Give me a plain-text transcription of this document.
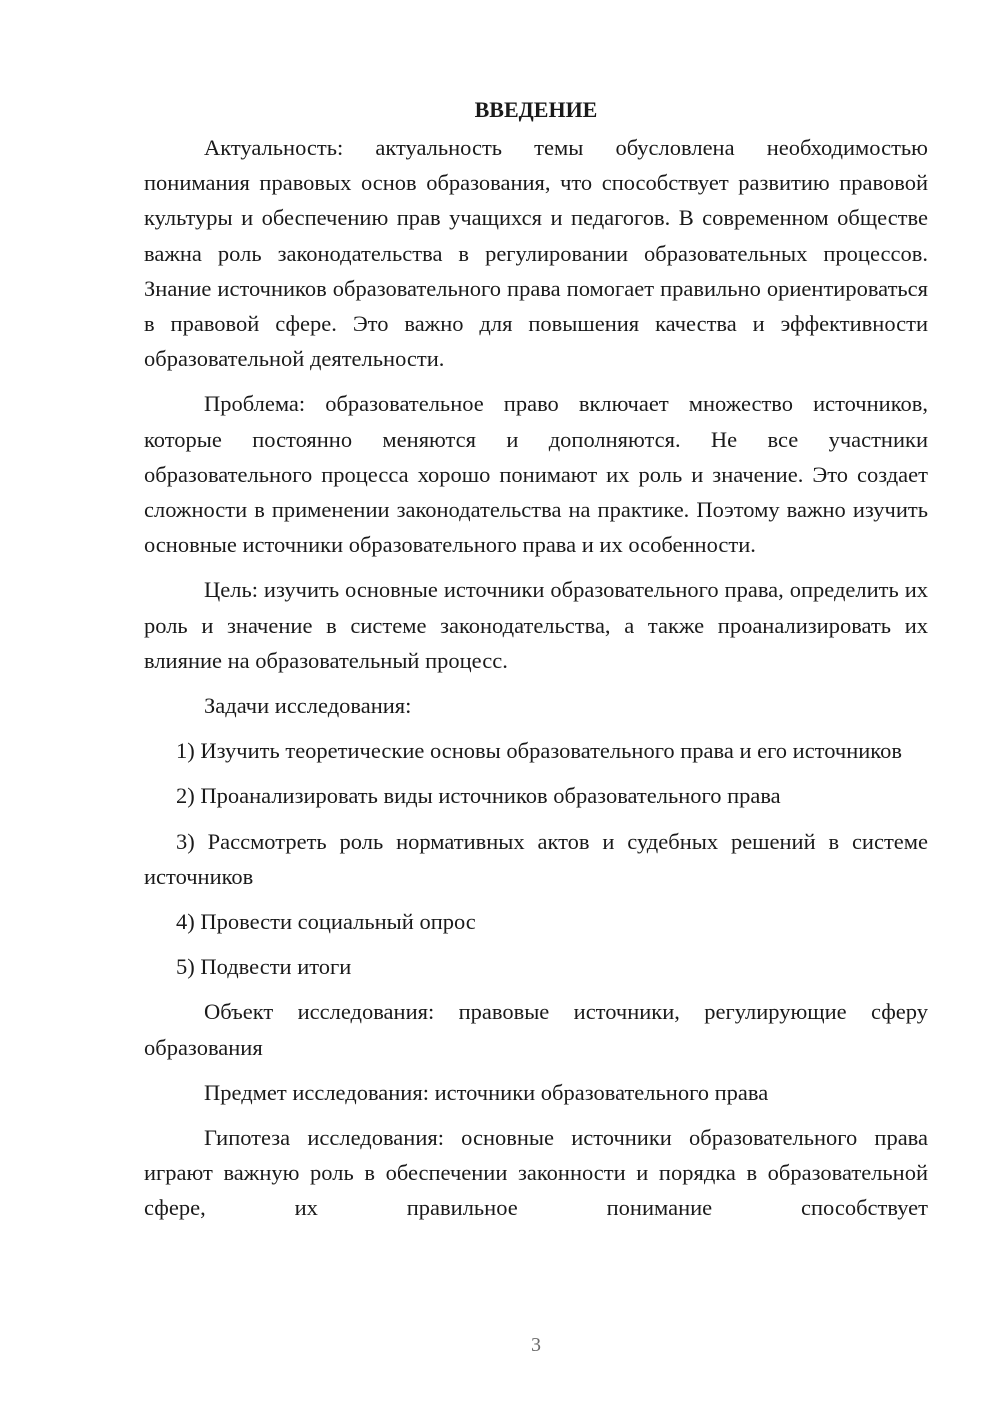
ВВЕДЕНИЕ

Актуальность: актуальность темы обусловлена необходимостью понимания правовых основ образования, что способствует развитию правовой культуры и обеспечению прав учащихся и педагогов. В современном обществе важна роль законодательства в регулировании образовательных процессов. Знание источников образовательного права помогает правильно ориентироваться в правовой сфере. Это важно для повышения качества и эффективности образовательной деятельности.

Проблема: образовательное право включает множество источников, которые постоянно меняются и дополняются. Не все участники образовательного процесса хорошо понимают их роль и значение. Это создает сложности в применении законодательства на практике. Поэтому важно изучить основные источники образовательного права и их особенности.

Цель: изучить основные источники образовательного права, определить их роль и значение в системе законодательства, а также проанализировать их влияние на образовательный процесс.

Задачи исследования:

1) Изучить теоретические основы образовательного права и его источников

2) Проанализировать виды источников образовательного права

3) Рассмотреть роль нормативных актов и судебных решений в системе источников

4) Провести социальный опрос

5) Подвести итоги

Объект исследования: правовые источники, регулирующие сферу образования

Предмет исследования: источники образовательного права

Гипотеза исследования: основные источники образовательного права играют важную роль в обеспечении законности и порядка в образовательной сфере, их правильное понимание способствует

3
